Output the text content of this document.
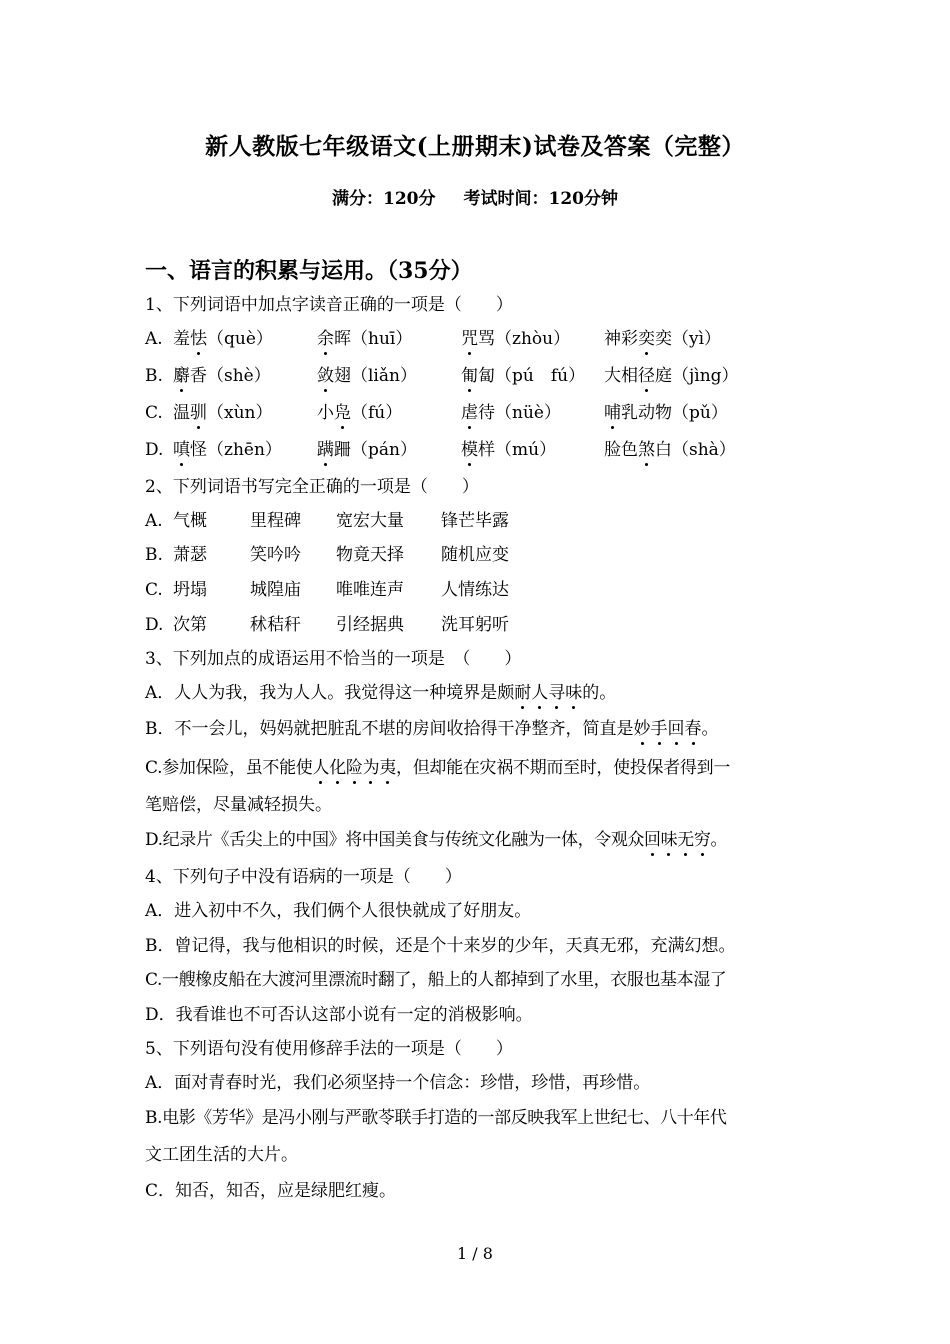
新人教版七年级语文(上册期末)试卷及答案（完整）
满分：120分 考试时间：120分钟
一、语言的积累与运用。（35分）
1、下列词语中加点字读音正确的一项是（　　）
A. 羞怯（què）	余晖（huī）	咒骂（zhòu） 神彩奕奕（yì）
B. 麝香（shè）	敛翅（liǎn）	匍匐（pú　fú） 大相径庭（jìng）
C. 温驯（xùn）	小凫（fú）	虐待（nüè）	哺乳动物（pǔ）
D. 嗔怪（zhēn） 蹒跚（pán）	模样（mú）	脸色煞白（shà）
2、下列词语书写完全正确的一项是（　　）
A. 气概	里程碑 宽宏大量 锋芒毕露
B. 萧瑟	笑吟吟 物竟天择 随机应变
C. 坍塌	城隍庙 唯唯连声 人情练达
D. 次第	秫秸秆 引经据典 洗耳躬听
3、下列加点的成语运用不恰当的一项是　（　　）
A．人人为我，我为人人。我觉得这一种境界是颇耐人寻味的。
B．不一会儿，妈妈就把脏乱不堪的房间收拾得干净整齐，简直是妙手回春。
C.参加保险，虽不能使人化险为夷，但却能在灾祸不期而至时，使投保者得到一
笔赔偿，尽量减轻损失。
D.纪录片《舌尖上的中国》将中国美食与传统文化融为一体，令观众回味无穷。
4、下列句子中没有语病的一项是（　　）
A．进入初中不久，我们俩个人很快就成了好朋友。
B．曾记得，我与他相识的时候，还是个十来岁的少年，天真无邪，充满幻想。
C.一艘橡皮船在大渡河里漂流时翻了，船上的人都掉到了水里，衣服也基本湿了
D．我看谁也不可否认这部小说有一定的消极影响。
5、下列语句没有使用修辞手法的一项是（　　）
A．面对青春时光，我们必须坚持一个信念：珍惜，珍惜，再珍惜。
B.电影《芳华》是冯小刚与严歌苓联手打造的一部反映我军上世纪七、八十年代
文工团生活的大片。
C．知否，知否，应是绿肥红瘦。
1 / 8
